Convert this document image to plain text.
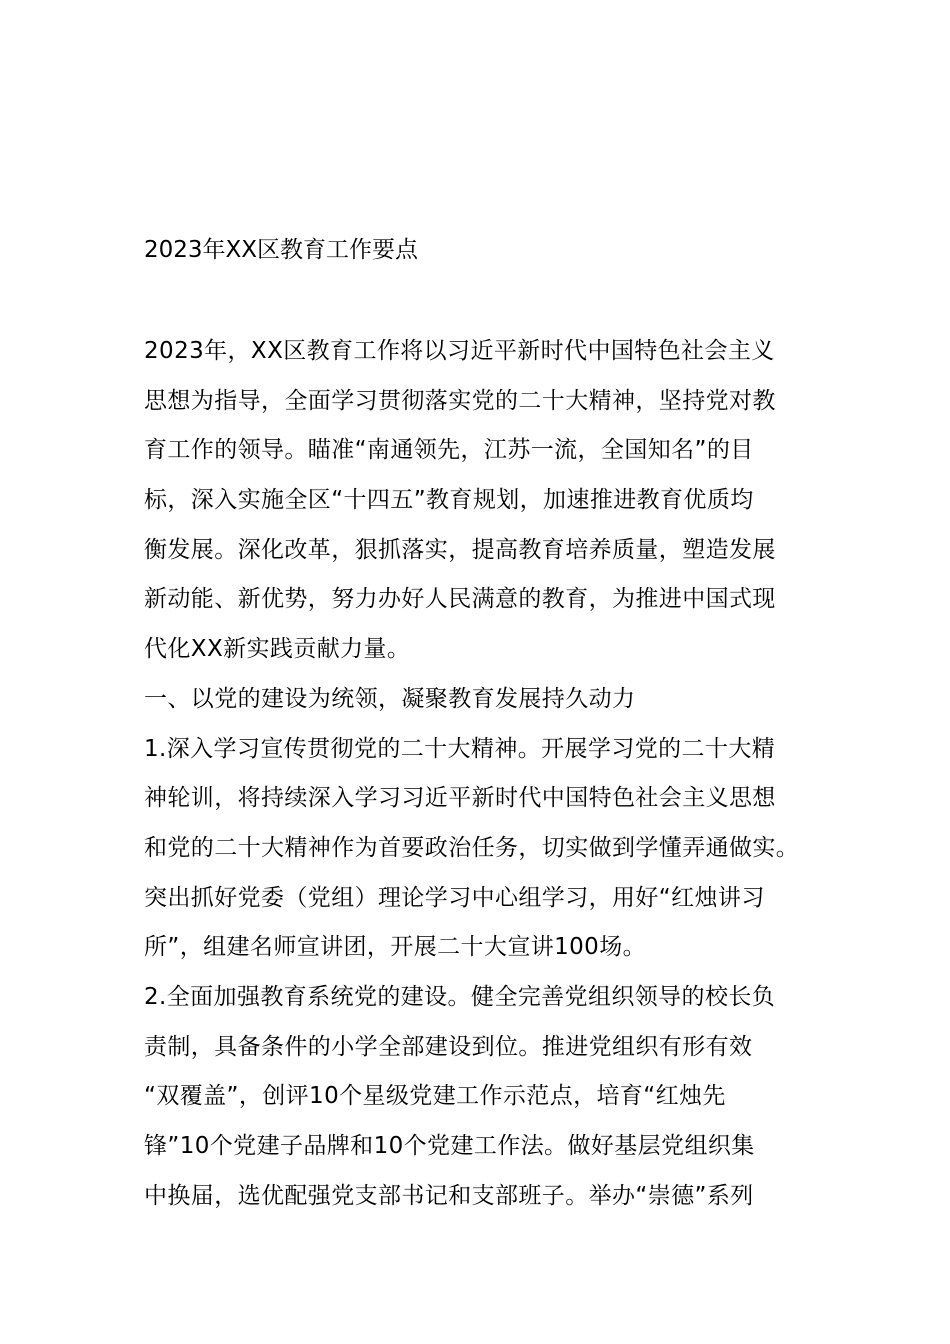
2023年XX区教育工作要点
2023年，XX区教育工作将以习近平新时代中国特色社会主义
思想为指导，全面学习贯彻落实党的二十大精神，坚持党对教
育工作的领导。瞄准“南通领先，江苏一流，全国知名”的目
标，深入实施全区“十四五”教育规划，加速推进教育优质均
衡发展。深化改革，狠抓落实，提高教育培养质量，塑造发展
新动能、新优势，努力办好人民满意的教育，为推进中国式现
代化XX新实践贡献力量。
一、以党的建设为统领，凝聚教育发展持久动力
1.深入学习宣传贯彻党的二十大精神。开展学习党的二十大精
神轮训，将持续深入学习习近平新时代中国特色社会主义思想
和党的二十大精神作为首要政治任务，切实做到学懂弄通做实。
突出抓好党委（党组）理论学习中心组学习，用好“红烛讲习
所”，组建名师宣讲团，开展二十大宣讲100场。
2.全面加强教育系统党的建设。健全完善党组织领导的校长负
责制，具备条件的小学全部建设到位。推进党组织有形有效
“双覆盖”，创评10个星级党建工作示范点，培育“红烛先
锋”10个党建子品牌和10个党建工作法。做好基层党组织集
中换届，选优配强党支部书记和支部班子。举办“崇德”系列
